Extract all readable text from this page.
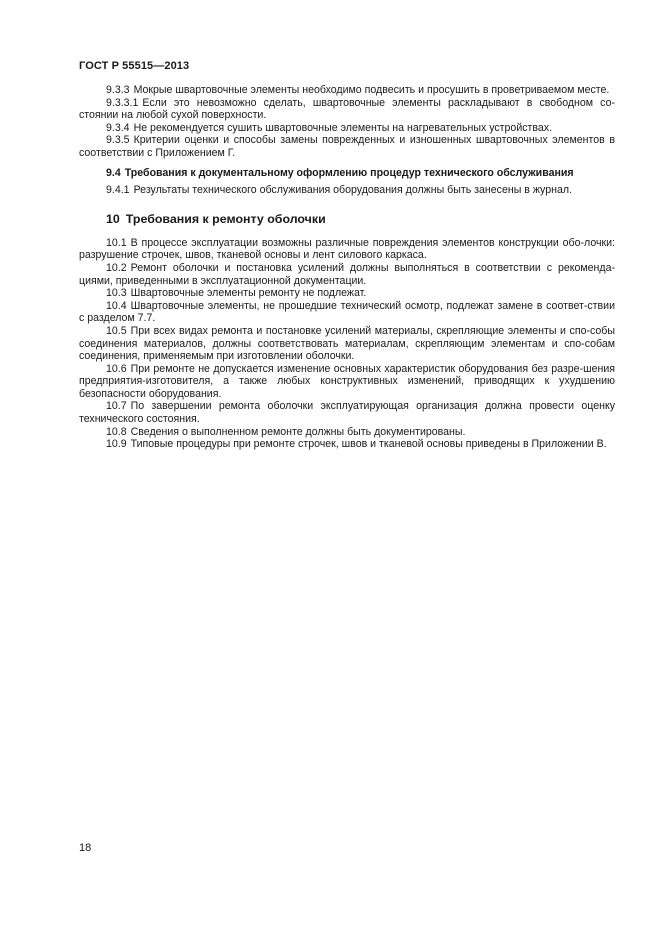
ГОСТ Р 55515—2013

9.3.3 Мокрые швартовочные элементы необходимо подвесить и просушить в проветриваемом месте.

9.3.3.1 Если это невозможно сделать, швартовочные элементы раскладывают в свободном со-стоянии на любой сухой поверхности.

9.3.4 Не рекомендуется сушить швартовочные элементы на нагревательных устройствах.

9.3.5 Критерии оценки и способы замены поврежденных и изношенных швартовочных элементов в соответствии с Приложением Г.

9.4 Требования к документальному оформлению процедур технического обслуживания

9.4.1 Результаты технического обслуживания оборудования должны быть занесены в журнал.

10 Требования к ремонту оболочки

10.1 В процессе эксплуатации возможны различные повреждения элементов конструкции обо-лочки: разрушение строчек, швов, тканевой основы и лент силового каркаса.

10.2 Ремонт оболочки и постановка усилений должны выполняться в соответствии с рекоменда-циями, приведенными в эксплуатационной документации.

10.3 Швартовочные элементы ремонту не подлежат.

10.4 Швартовочные элементы, не прошедшие технический осмотр, подлежат замене в соответ-ствии с разделом 7.7.

10.5 При всех видах ремонта и постановке усилений материалы, скрепляющие элементы и спо-собы соединения материалов, должны соответствовать материалам, скрепляющим элементам и спо-собам соединения, применяемым при изготовлении оболочки.

10.6 При ремонте не допускается изменение основных характеристик оборудования без разре-шения предприятия-изготовителя, а также любых конструктивных изменений, приводящих к ухудшению безопасности оборудования.

10.7 По завершении ремонта оболочки эксплуатирующая организация должна провести оценку технического состояния.

10.8 Сведения о выполненном ремонте должны быть документированы.

10.9 Типовые процедуры при ремонте строчек, швов и тканевой основы приведены в Приложении В.

18
